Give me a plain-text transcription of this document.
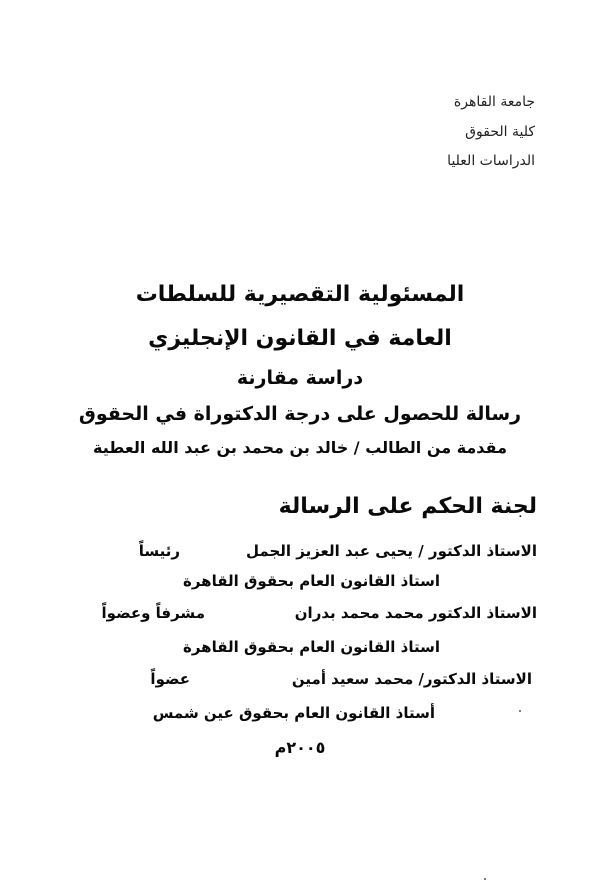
جامعة القاهرة
كلية الحقوق
الدراسات العليا
المسئولية التقصيرية للسلطات
العامة في القانون الإنجليزي
دراسة مقارنة
رسالة للحصول على درجة الدكتوراة في الحقوق
مقدمة من الطالب / خالد بن محمد بن عبد الله العطية
لجنة الحكم على الرسالة
الاستاذ الدكتور / يحيى عبد العزيز الجمل
رئيساً
استاذ القانون العام بحقوق القاهرة
الاستاذ الدكتور محمد محمد بدران
مشرفاً وعضواً
استاذ القانون العام بحقوق القاهرة
الاستاذ الدكتور/ محمد سعيد أمين
عضواً
أستاذ القانون العام بحقوق عين شمس
٢٠٠٥م
